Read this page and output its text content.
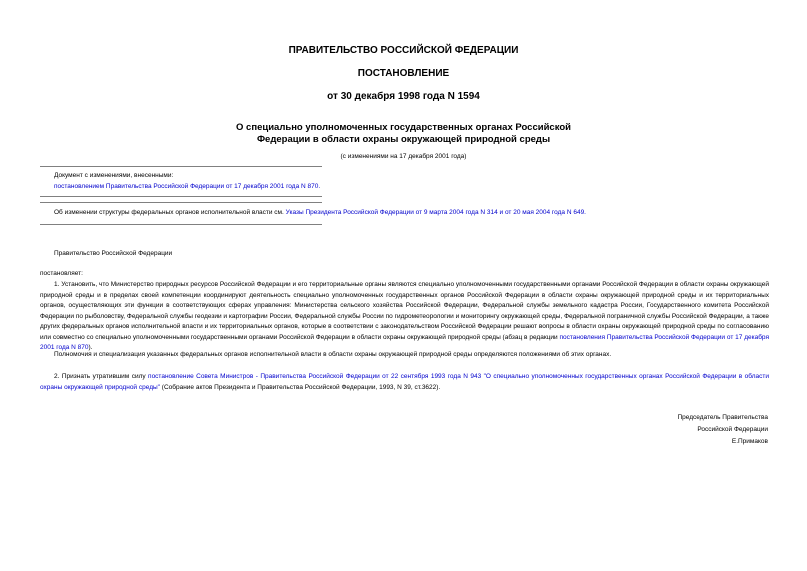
ПРАВИТЕЛЬСТВО РОССИЙСКОЙ ФЕДЕРАЦИИ
ПОСТАНОВЛЕНИЕ
от 30 декабря 1998 года N 1594
О специально уполномоченных государственных органах Российской
Федерации в области охраны окружающей природной среды
(с изменениями на 17 декабря 2001 года)
Документ с изменениями, внесенными:
постановлением Правительства Российской Федерации от 17 декабря 2001 года N 870.
Об изменении структуры федеральных органов исполнительной власти см. Указы Президента Российской Федерации от 9 марта 2004 года N 314 и от 20 мая 2004 года N 649.
Правительство Российской Федерации
постановляет:
1. Установить, что Министерство природных ресурсов Российской Федерации и его территориальные органы являются специально уполномоченными государственными органами Российской Федерации в области охраны окружающей природной среды и в пределах своей компетенции координируют деятельность специально уполномоченных государственных органов Российской Федерации в области охраны окружающей природной среды и их территориальных органов, осуществляющих эти функции в соответствующих сферах управления: Министерства сельского хозяйства Российской Федерации, Федеральной службы земельного кадастра России, Государственного комитета Российской Федерации по рыболовству, Федеральной службы геодезии и картографии России, Федеральной службы России по гидрометеорологии и мониторингу окружающей среды, Федеральной пограничной службы Российской Федерации, а также других федеральных органов исполнительной власти и их территориальных органов, которые в соответствии с законодательством Российской Федерации решают вопросы в области охраны окружающей природной среды по согласованию или совместно со специально уполномоченными государственными органами Российской Федерации в области охраны окружающей природной среды (абзац в редакции постановления Правительства Российской Федерации от 17 декабря 2001 года N 870).
Полномочия и специализация указанных федеральных органов исполнительной власти в области охраны окружающей природной среды определяются положениями об этих органах.
2. Признать утратившим силу постановление Совета Министров - Правительства Российской Федерации от 22 сентября 1993 года N 943 "О специально уполномоченных государственных органах Российской Федерации в области охраны окружающей природной среды" (Собрание актов Президента и Правительства Российской Федерации, 1993, N 39, ст.3622).
Председатель Правительства
Российской Федерации
Е.Примаков
